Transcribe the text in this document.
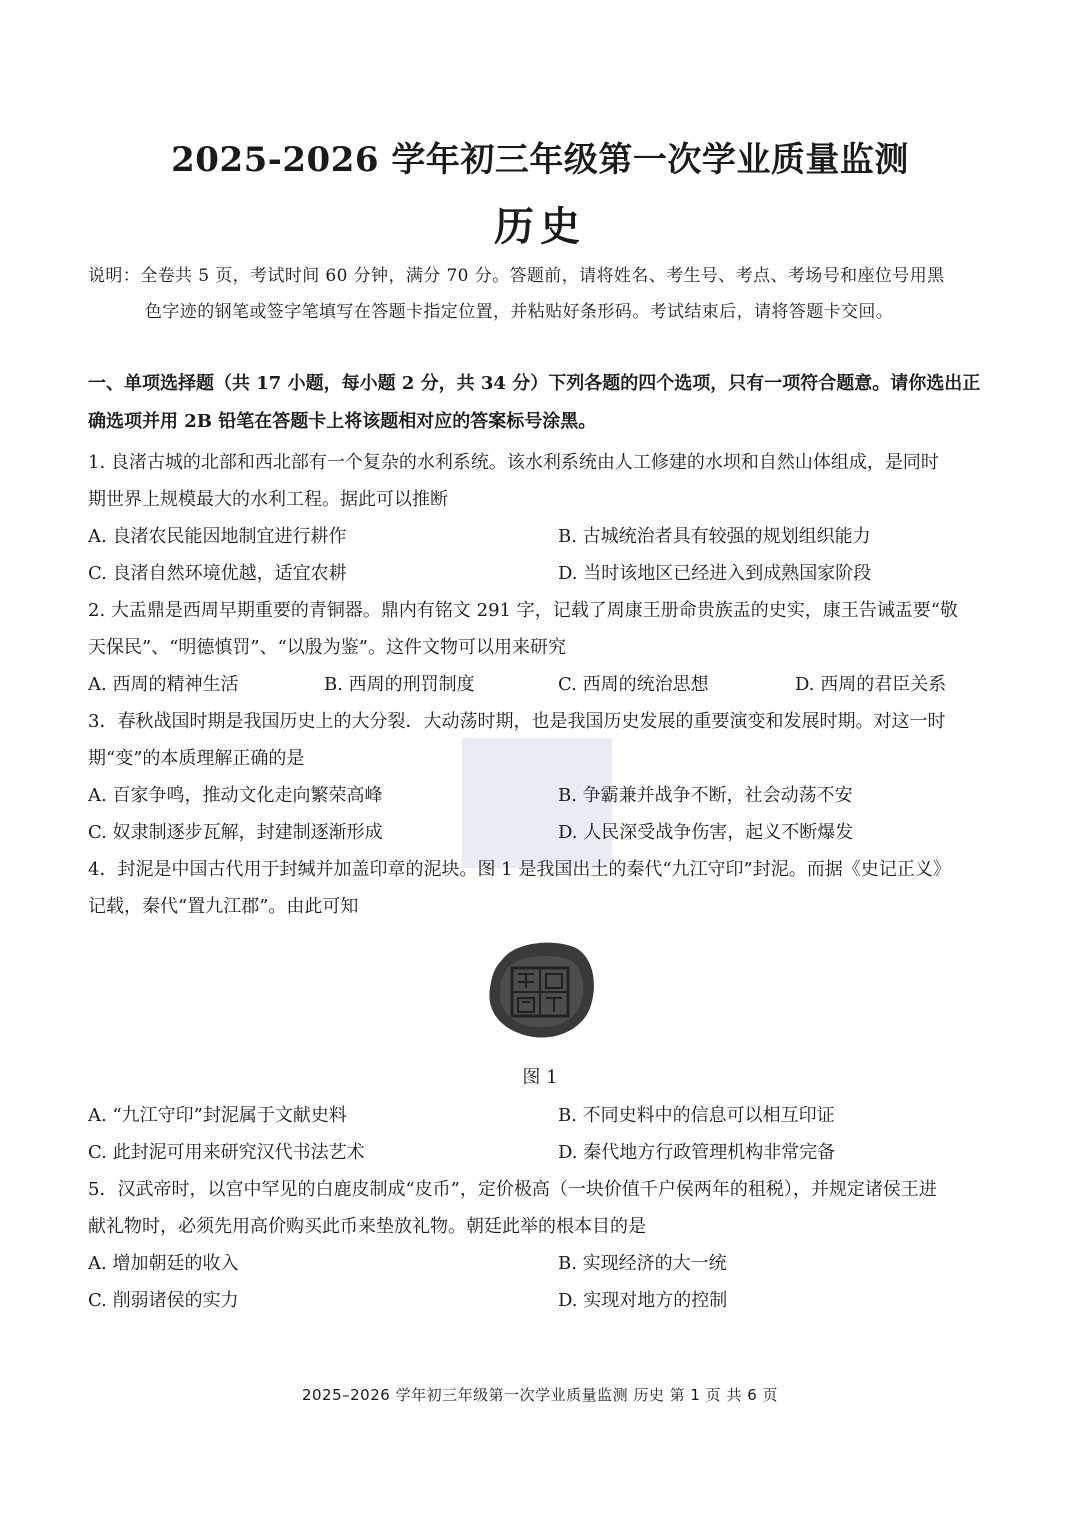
2025-2026 学年初三年级第一次学业质量监测
历史
说明：全卷共 5 页，考试时间 60 分钟，满分 70 分。答题前，请将姓名、考生号、考点、考场号和座位号用黑
色字迹的钢笔或签字笔填写在答题卡指定位置，并粘贴好条形码。考试结束后，请将答题卡交回。
一、单项选择题（共 17 小题，每小题 2 分，共 34 分）下列各题的四个选项，只有一项符合题意。请你选出正
确选项并用 2B 铅笔在答题卡上将该题相对应的答案标号涂黑。
1. 良渚古城的北部和西北部有一个复杂的水利系统。该水利系统由人工修建的水坝和自然山体组成，是同时
期世界上规模最大的水利工程。据此可以推断
A. 良渚农民能因地制宜进行耕作	B. 古城统治者具有较强的规划组织能力
C. 良渚自然环境优越，适宜农耕	D. 当时该地区已经进入到成熟国家阶段
2. 大盂鼎是西周早期重要的青铜器。鼎内有铭文 291 字，记载了周康王册命贵族盂的史实，康王告诫盂要“敬
天保民”、“明德慎罚”、“以殷为鉴”。这件文物可以用来研究
A. 西周的精神生活	B. 西周的刑罚制度	C. 西周的统治思想	D. 西周的君臣关系
3．春秋战国时期是我国历史上的大分裂．大动荡时期，也是我国历史发展的重要演变和发展时期。对这一时
期“变”的本质理解正确的是
A. 百家争鸣，推动文化走向繁荣高峰	B. 争霸兼并战争不断，社会动荡不安
C. 奴隶制逐步瓦解，封建制逐渐形成	D. 人民深受战争伤害，起义不断爆发
4．封泥是中国古代用于封缄并加盖印章的泥块。图 1 是我国出土的秦代“九江守印”封泥。而据《史记正义》
记载，秦代“置九江郡”。由此可知
图 1
A. “九江守印”封泥属于文献史料	B. 不同史料中的信息可以相互印证
C. 此封泥可用来研究汉代书法艺术	D. 秦代地方行政管理机构非常完备
5．汉武帝时，以宫中罕见的白鹿皮制成“皮币”，定价极高（一块价值千户侯两年的租税），并规定诸侯王进
献礼物时，必须先用高价购买此币来垫放礼物。朝廷此举的根本目的是
A. 增加朝廷的收入	B. 实现经济的大一统
C. 削弱诸侯的实力	D. 实现对地方的控制
2025–2026 学年初三年级第一次学业质量监测 历史 第 1 页 共 6 页
